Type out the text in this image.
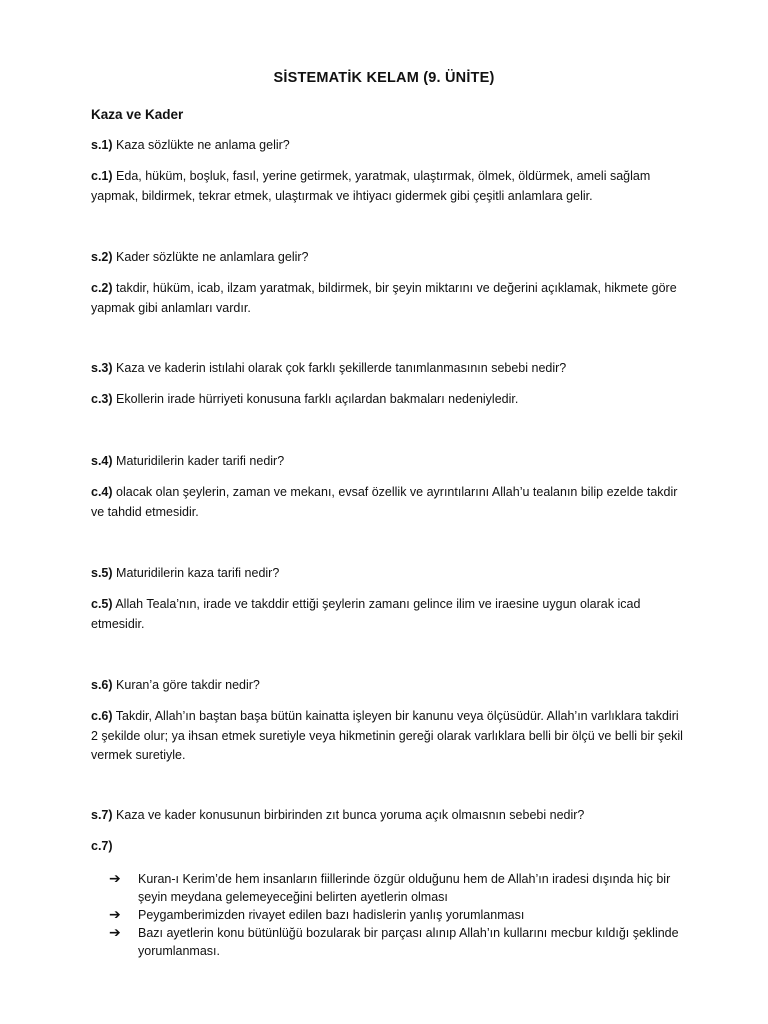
SİSTEMATİK KELAM (9. ÜNİTE)
Kaza ve Kader
s.1) Kaza sözlükte ne anlama gelir?
c.1) Eda, hüküm, boşluk, fasıl, yerine getirmek, yaratmak, ulaştırmak, ölmek, öldürmek, ameli sağlam yapmak, bildirmek, tekrar etmek, ulaştırmak ve ihtiyacı gidermek gibi çeşitli anlamlara gelir.
s.2) Kader sözlükte ne anlamlara gelir?
c.2) takdir, hüküm, icab, ilzam yaratmak, bildirmek, bir şeyin miktarını ve değerini açıklamak, hikmete göre yapmak gibi anlamları vardır.
s.3) Kaza ve kaderin istılahi olarak çok farklı şekillerde tanımlanmasının sebebi nedir?
c.3) Ekollerin irade hürriyeti konusuna farklı açılardan bakmaları nedeniyledir.
s.4) Maturidilerin kader tarifi nedir?
c.4) olacak olan şeylerin, zaman ve mekanı, evsaf özellik ve ayrıntılarını Allah’u tealanın bilip ezelde takdir ve tahdid etmesidir.
s.5) Maturidilerin kaza tarifi nedir?
c.5) Allah Teala’nın, irade ve takddir ettiği şeylerin zamanı gelince ilim ve iraesine uygun olarak icad etmesidir.
s.6) Kuran’a göre takdir nedir?
c.6) Takdir, Allah’ın baştan başa bütün kainatta işleyen bir kanunu veya ölçüsüdür. Allah’ın varlıklara takdiri 2 şekilde olur; ya ihsan etmek suretiyle veya hikmetinin gereği olarak varlıklara belli bir ölçü ve belli bir şekil vermek suretiyle.
s.7) Kaza ve kader konusunun birbirinden zıt bunca yoruma açık olmaısnın sebebi nedir?
c.7)
➔ Kuran-ı Kerim’de hem insanların fiillerinde özgür olduğunu hem de Allah’ın iradesi dışında hiç bir şeyin meydana gelemeyeceğini belirten ayetlerin olması
➔ Peygamberimizden rivayet edilen bazı hadislerin yanlış yorumlanması
➔ Bazı ayetlerin konu bütünlüğü bozularak bir parçası alınıp Allah’ın kullarını mecbur kıldığı şeklinde yorumlanması.
